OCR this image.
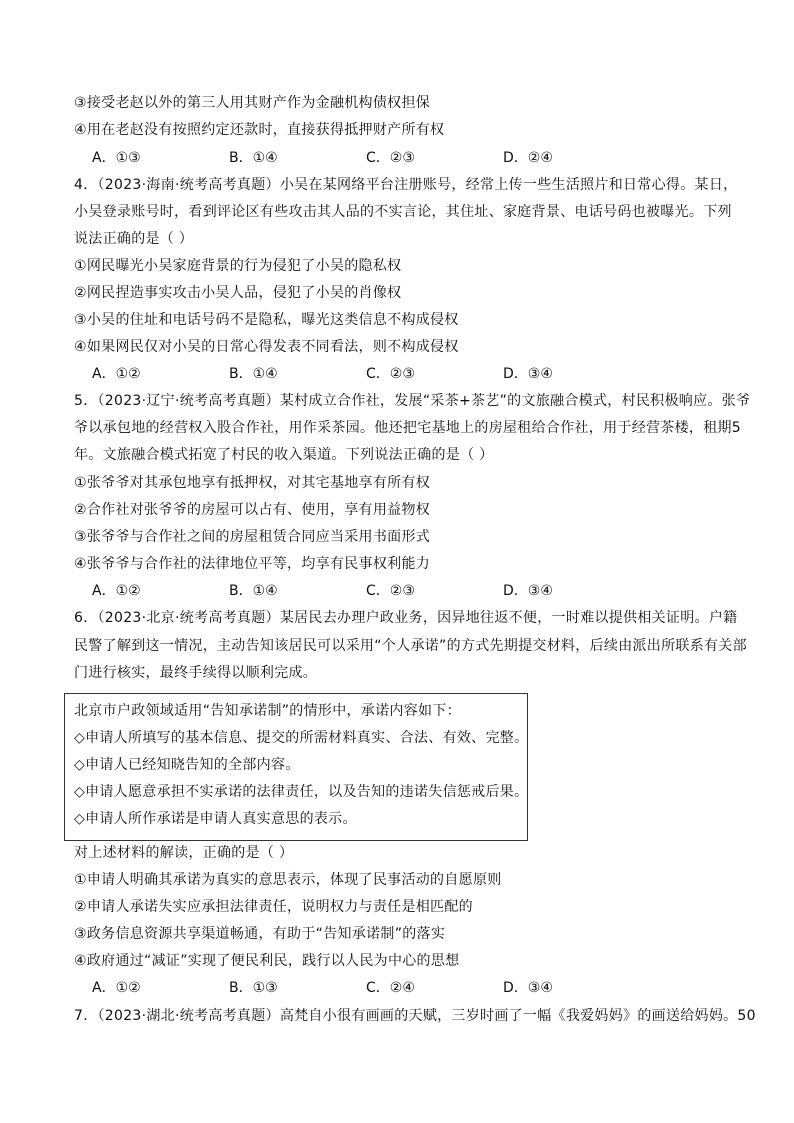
③接受老赵以外的第三人用其财产作为金融机构债权担保
④用在老赵没有按照约定还款时，直接获得抵押财产所有权
A．①③	B．①④	C．②③	D．②④
4．（2023·海南·统考高考真题）小吴在某网络平台注册账号，经常上传一些生活照片和日常心得。某日，
小吴登录账号时，看到评论区有些攻击其人品的不实言论，其住址、家庭背景、电话号码也被曝光。下列
说法正确的是（ ）
①网民曝光小吴家庭背景的行为侵犯了小吴的隐私权
②网民捏造事实攻击小吴人品，侵犯了小吴的肖像权
③小吴的住址和电话号码不是隐私，曝光这类信息不构成侵权
④如果网民仅对小吴的日常心得发表不同看法，则不构成侵权
A．①②	B．①④	C．②③	D．③④
5．（2023·辽宁·统考高考真题）某村成立合作社，发展“采茶+茶艺”的文旅融合模式，村民积极响应。张爷
爷以承包地的经营权入股合作社，用作采茶园。他还把宅基地上的房屋租给合作社，用于经营茶楼，租期5
年。文旅融合模式拓宽了村民的收入渠道。下列说法正确的是（ ）
①张爷爷对其承包地享有抵押权，对其宅基地享有所有权
②合作社对张爷爷的房屋可以占有、使用，享有用益物权
③张爷爷与合作社之间的房屋租赁合同应当采用书面形式
④张爷爷与合作社的法律地位平等，均享有民事权利能力
A．①②	B．①④	C．②③	D．③④
6．（2023·北京·统考高考真题）某居民去办理户政业务，因异地往返不便，一时难以提供相关证明。户籍
民警了解到这一情况，主动告知该居民可以采用“个人承诺”的方式先期提交材料，后续由派出所联系有关部
门进行核实，最终手续得以顺利完成。
北京市户政领域适用“告知承诺制”的情形中，承诺内容如下：
◇申请人所填写的基本信息、提交的所需材料真实、合法、有效、完整。
◇申请人已经知晓告知的全部内容。
◇申请人愿意承担不实承诺的法律责任，以及告知的违诺失信惩戒后果。
◇申请人所作承诺是申请人真实意思的表示。
对上述材料的解读，正确的是（ ）
①申请人明确其承诺为真实的意思表示，体现了民事活动的自愿原则
②申请人承诺失实应承担法律责任，说明权力与责任是相匹配的
③政务信息资源共享渠道畅通，有助于“告知承诺制”的落实
④政府通过“减证”实现了便民利民，践行以人民为中心的思想
A．①②	B．①③	C．②④	D．③④
7．（2023·湖北·统考高考真题）高梵自小很有画画的天赋，三岁时画了一幅《我爱妈妈》的画送给妈妈。50
